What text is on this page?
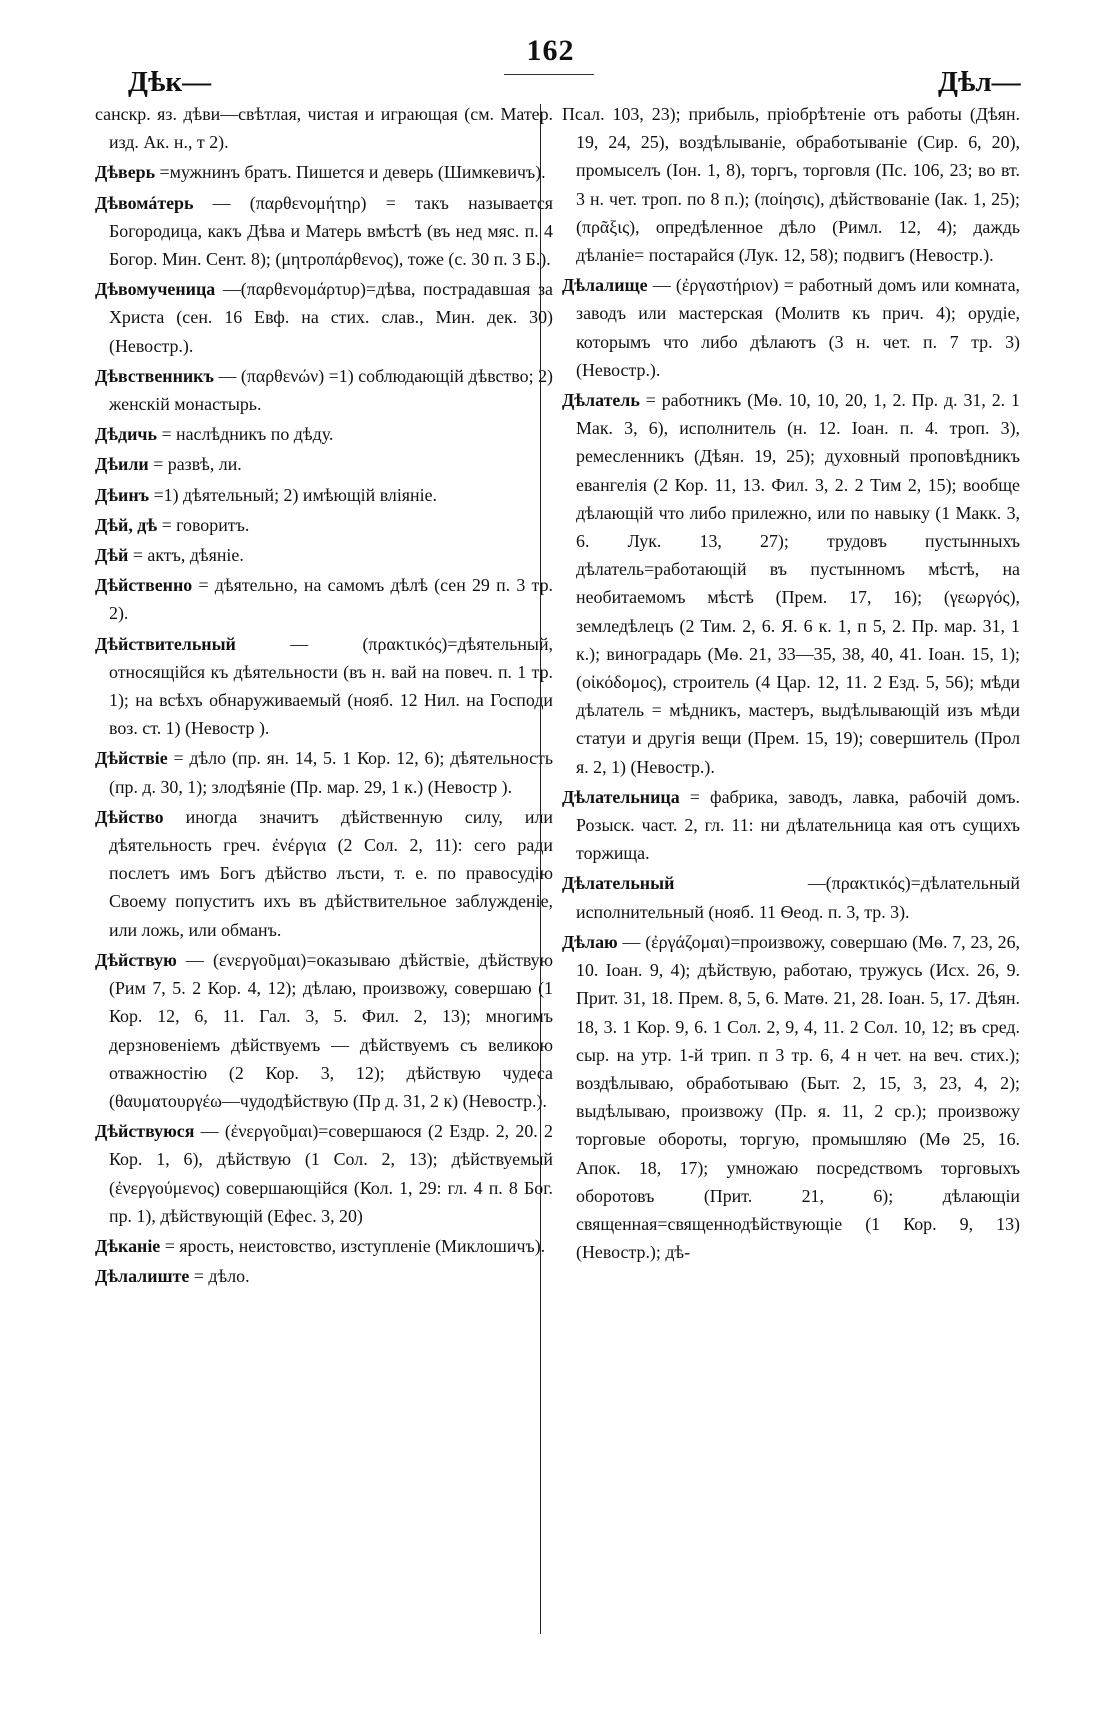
162
Дѣк—	Дѣл—

санскр. яз. дѣви—свѣтлая, чистая и играющая (см. Матер. изд. Ак. н., т 2).

Дѣверь =мужнинъ братъ. Пишется и деверь (Шимкевичъ).

Дѣвомáтерь — (παρθενομήτηρ) = такъ называется Богородица, какъ Дѣва и Матерь вмѣстѣ (въ нед мяс. п. 4 Богор. Мин. Сент. 8); (μητροπάρθενος), тоже (с. 30 п. 3 Б.).

Дѣвомученица —(παρθενομάρτυρ)=дѣва, пострадавшая за Христа (сен. 16 Евф. на стих. слав., Мин. дек. 30) (Невостр.).

Дѣвственникъ — (παρθενών) =1) соблюдающій дѣвство; 2) женскій монастырь.

Дѣдичь = наслѣдникъ по дѣду.

Дѣили = развѣ, ли.

Дѣинъ =1) дѣятельный; 2) имѣющій вліяніе.

Дѣй, дѣ = говоритъ.

Дѣй = актъ, дѣяніе.

Дѣйственно = дѣятельно, на самомъ дѣлѣ (сен 29 п. 3 тр. 2).

Дѣйствительный	— (πρακτικός)=дѣятельный, относящійся къ дѣятельности (въ н. вай на повеч. п. 1 тр. 1); на всѣхъ обнаруживаемый (нояб. 12 Нил. на Господи воз. ст. 1) (Невостр ).

Дѣйствіе = дѣло (пр. ян. 14, 5. 1 Кор. 12, 6); дѣятельность (пр. д. 30, 1); злодѣяніе (Пр. мар. 29, 1 к.) (Невостр ).

Дѣйство иногда значитъ дѣйственную силу, или дѣятельность греч. ἐνέργια (2 Сол. 2, 11): сего ради послетъ имъ Богъ дѣйство лъсти, т. е. по правосудію Своему попуститъ ихъ въ дѣйствительное заблужденіе, или ложь, или обманъ.

Дѣйствую — (ενεργοῦμαι)=оказываю дѣйствіе, дѣйствую (Рим 7, 5. 2 Кор. 4, 12); дѣлаю, произвожу, совершаю (1 Кор. 12, 6, 11. Гал. 3, 5. Фил. 2, 13); многимъ дерзновеніемъ дѣйствуемъ — дѣйствуемъ съ великою отважностію (2 Кор. 3, 12); дѣйствую чудеса (θαυματουργέω—чудодѣйствую (Пр д. 31, 2 к) (Невостр.).

Дѣйствуюся — (ἐνεργοῦμαι)=совершаюся (2 Ездр. 2, 20. 2 Кор. 1, 6), дѣйствую (1 Сол. 2, 13); дѣйствуемый (ἐνεργούμενος) совершающійся (Кол. 1, 29: гл. 4 п. 8 Бог. пр. 1), дѣйствующій (Ефес. 3, 20)

Дѣканіе = ярость, неистовство, изступленіе (Миклошичъ).

Дѣлалиште = дѣло.

Псал. 103, 23); прибыль, пріобрѣтеніе отъ работы (Дѣян. 19, 24, 25), воздѣлываніе, обработываніе (Сир. 6, 20), промыселъ (Іон. 1, 8), торгъ, торговля (Пс. 106, 23; во вт. 3 н. чет. троп. по 8 п.); (ποίησις), дѣйствованіе (Іак. 1, 25); (πρᾶξις), опредѣленное дѣло (Римл. 12, 4); даждь дѣланіе= постарайся (Лук. 12, 58); подвигъ (Невостр.).

Дѣлалище — (ἐργαστήριον) = работный домъ или комната, заводъ или мастерская (Молитв къ прич. 4); орудіе, которымъ что либо дѣлаютъ (3 н. чет. п. 7 тр. 3) (Невостр.).

Дѣлатель = работникъ (Мѳ. 10, 10, 20, 1, 2. Пр. д. 31, 2. 1 Мак. 3, 6), исполнитель (н. 12. Іоан. п. 4. троп. 3), ремесленникъ (Дѣян. 19, 25); духовный проповѣдникъ евангелія (2 Кор. 11, 13. Фил. 3, 2. 2 Тим 2, 15); вообще дѣлающій что либо прилежно, или по навыку (1 Макк. 3, 6. Лук. 13, 27); трудовъ пустынныхъ дѣлатель=работающій въ пустынномъ мѣстѣ, на необитаемомъ мѣстѣ (Прем. 17, 16); (γεωργός), земледѣлецъ (2 Тим. 2, 6. Я. 6 к. 1, п 5, 2. Пр. мар. 31, 1 к.); виноградарь (Мѳ. 21, 33—35, 38, 40, 41. Іоан. 15, 1); (οἰκόδομος), строитель (4 Цар. 12, 11. 2 Езд. 5, 56); мѣди дѣлатель = мѣдникъ, мастеръ, выдѣлывающій изъ мѣди статуи и другія вещи (Прем. 15, 19); совершитель (Прол я. 2, 1) (Невостр.).

Дѣлательница = фабрика, заводъ, лавка, рабочій домъ. Розыск. част. 2, гл. 11: ни дѣлательница кая отъ сущихъ торжища.

Дѣлательный	—(πρακτικός)=дѣлательный исполнительный (нояб. 11 Ѳеод. п. 3, тр. 3).

Дѣлаю — (ἐργάζομαι)=произвожу, совершаю (Мѳ. 7, 23, 26, 10. Іоан. 9, 4); дѣйствую, работаю, тружусь (Исх. 26, 9. Прит. 31, 18. Прем. 8, 5, 6. Матѳ. 21, 28. Іоан. 5, 17. Дѣян. 18, 3. 1 Кор. 9, 6. 1 Сол. 2, 9, 4, 11. 2 Сол. 10, 12; въ сред. сыр. на утр. 1-й трип. п 3 тр. 6, 4 н чет. на веч. стих.); воздѣлываю, обработываю (Быт. 2, 15, 3, 23, 4, 2); выдѣлываю, произвожу (Пр. я. 11, 2 ср.); произвожу торговые обороты, торгую, промышляю (Мѳ 25, 16. Апок. 18, 17); умножаю посредствомъ торговыхъ оборотовъ (Прит. 21, 6); дѣлающіи священная=священнодѣйствующіе (1 Кор. 9, 13) (Невостр.); дѣ-
